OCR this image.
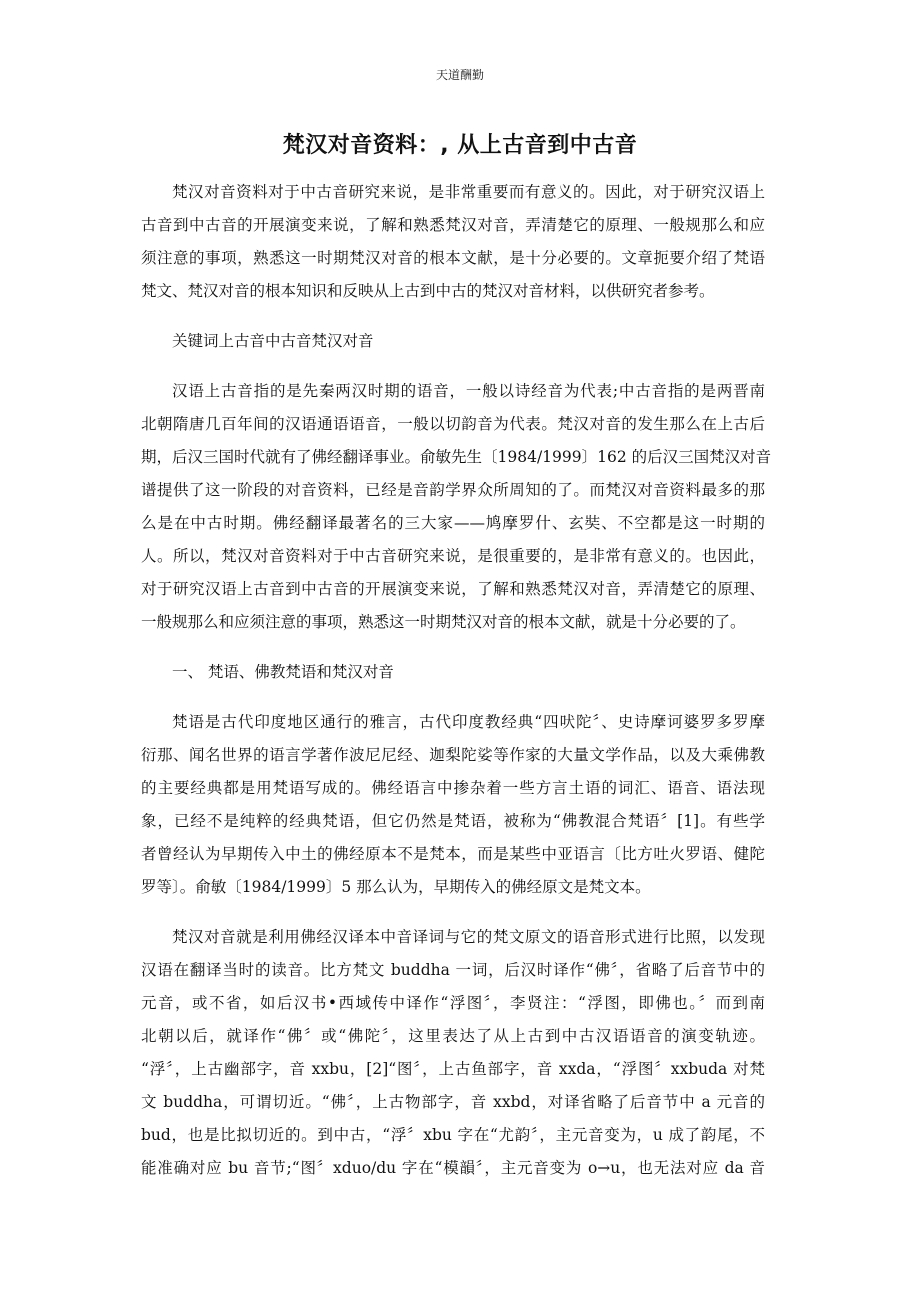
天道酬勤
梵汉对音资料：, 从上古音到中古音
梵汉对音资料对于中古音研究来说，是非常重要而有意义的。因此，对于研究汉语上
古音到中古音的开展演变来说，了解和熟悉梵汉对音，弄清楚它的原理、一般规那么和应
须注意的事项，熟悉这一时期梵汉对音的根本文献，是十分必要的。文章扼要介绍了梵语
梵文、梵汉对音的根本知识和反映从上古到中古的梵汉对音材料，以供研究者参考。
关键词上古音中古音梵汉对音
汉语上古音指的是先秦两汉时期的语音，一般以诗经音为代表;中古音指的是两晋南
北朝隋唐几百年间的汉语通语语音，一般以切韵音为代表。梵汉对音的发生那么在上古后
期，后汉三国时代就有了佛经翻译事业。俞敏先生〔1984/1999〕162 的后汉三国梵汉对音
谱提供了这一阶段的对音资料，已经是音韵学界众所周知的了。而梵汉对音资料最多的那
么是在中古时期。佛经翻译最著名的三大家——鸠摩罗什、玄奘、不空都是这一时期的
人。所以，梵汉对音资料对于中古音研究来说，是很重要的，是非常有意义的。也因此，
对于研究汉语上古音到中古音的开展演变来说，了解和熟悉梵汉对音，弄清楚它的原理、
一般规那么和应须注意的事项，熟悉这一时期梵汉对音的根本文献，就是十分必要的了。
一、 梵语、佛教梵语和梵汉对音
梵语是古代印度地区通行的雅言，古代印度教经典“四吠陀〞、史诗摩诃婆罗多罗摩
衍那、闻名世界的语言学著作波尼尼经、迦梨陀娑等作家的大量文学作品，以及大乘佛教
的主要经典都是用梵语写成的。佛经语言中掺杂着一些方言土语的词汇、语音、语法现
象，已经不是纯粹的经典梵语，但它仍然是梵语，被称为“佛教混合梵语〞[1]。有些学
者曾经认为早期传入中土的佛经原本不是梵本，而是某些中亚语言〔比方吐火罗语、健陀
罗等〕。俞敏〔1984/1999〕5 那么认为，早期传入的佛经原文是梵文本。
梵汉对音就是利用佛经汉译本中音译词与它的梵文原文的语音形式进行比照，以发现
汉语在翻译当时的读音。比方梵文 buddha 一词，后汉时译作“佛〞，省略了后音节中的
元音，或不省，如后汉书•西域传中译作“浮图〞，李贤注：“浮图，即佛也。〞而到南
北朝以后，就译作“佛〞或“佛陀〞，这里表达了从上古到中古汉语语音的演变轨迹。
“浮〞，上古幽部字，音 xxbu，[2]“图〞，上古鱼部字，音 xxda，“浮图〞xxbuda 对梵
文 buddha，可谓切近。“佛〞，上古物部字，音 xxbd，对译省略了后音节中 a 元音的
bud，也是比拟切近的。到中古，“浮〞xbu 字在“尤韵〞，主元音变为，u 成了韵尾，不
能准确对应 bu 音节;“图〞xduo/du 字在“模韻〞，主元音变为 o→u，也无法对应 da 音
